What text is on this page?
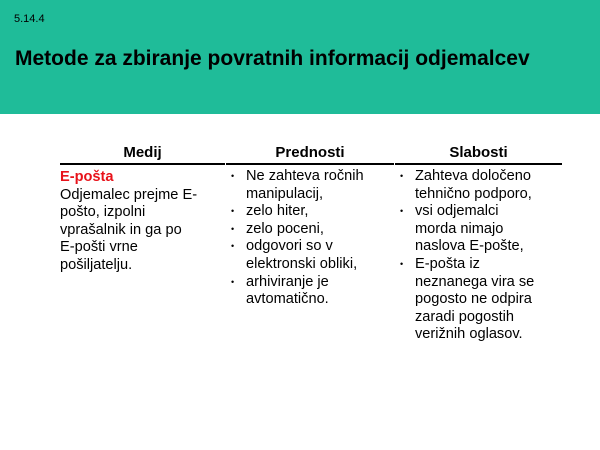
5.14.4
Metode za zbiranje povratnih informacij odjemalcev
Medij
E-pošta
Odjemalec prejme E-
pošto, izpolni
vprašalnik in ga po
E-pošti vrne
pošiljatelju.
Prednosti
• Ne zahteva ročnih
manipulacij,
• zelo hiter,
• zelo poceni,
• odgovori so v
elektronski obliki,
• arhiviranje je
avtomatično.
Slabosti
• Zahteva določeno
tehnično podporo,
• vsi odjemalci
morda nimajo
naslova E-pošte,
• E-pošta iz
neznanega vira se
pogosto ne odpira
zaradi pogostih
verižnih oglasov.
